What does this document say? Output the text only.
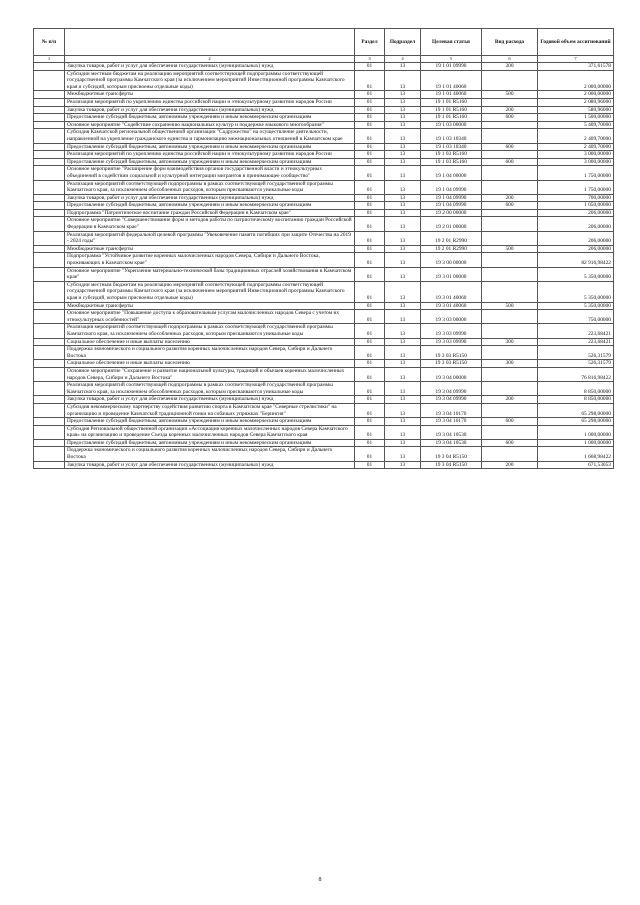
№ п/п		Раздел	Подраздел	Целевая статья	Вид расхода	Годовой объем ассигнований
1	2	3	4	5	6	7
	Закупка товаров, работ и услуг для обеспечения государственных (муниципальных) нужд	01	13	19 1 01 09990	200	371,61578
	Субсидии местным бюджетам на реализацию мероприятий соответствующей подпрограммы соответствующей государственной программы Камчатского края (за исключением мероприятий Инвестиционной программы Камчатского края и субсидий, которым присвоены отдельные коды)	01	13	19 1 01 40060		2 000,00000
	Межбюджетные трансферты	01	13	19 1 01 40060	500	2 000,00000
	Реализация мероприятий по укреплению единства российской нации и этнокультурному развитию народов России	01	13	19 1 01 R5160		2 080,96000
	Закупка товаров, работ и услуг для обеспечения государственных (муниципальных) нужд	01	13	19 1 01 R5160	200	580,96000
	Предоставление субсидий бюджетным, автономным учреждениям и иным некоммерческим организациям	01	13	19 1 01 R5160	600	1 500,00000
	Основное мероприятие "Содействие сохранению национальных культур и поддержке языкового многообразия"	01	13	19 1 03 00000		5 409,70000
	Субсидия Камчатской региональной общественной организации "Содружество" на осуществление деятельности, направленной на укрепление гражданского единства и гармонизацию межнациональных отношений в Камчатском крае	01	13	19 1 03 10340		2 409,70000
	Предоставление субсидий бюджетным, автономным учреждениям и иным некоммерческим организациям	01	13	19 1 03 10340	600	2 409,70000
	Реализация мероприятий по укреплению единства российской нации и этнокультурному развитию народов России	01	13	19 1 03 R5160		3 000,00000
	Предоставление субсидий бюджетным, автономным учреждениям и иным некоммерческим организациям	01	13	19 1 03 R5160	600	3 000,00000
	Основное мероприятие "Расширение форм взаимодействия органов государственной власти и этнокультурных объединений в содействии социальной и культурной интеграции мигрантов в принимающее сообщество"	01	13	19 1 04 00000		1 750,00000
	Реализация мероприятий соответствующей подпрограммы в рамках соответствующей государственной программы Камчатского края, за исключением обособленных расходов, которым присваиваются уникальные коды	01	13	19 1 04 09990		1 750,00000
	Закупка товаров, работ и услуг для обеспечения государственных (муниципальных) нужд	01	13	19 1 04 09990	200	700,00000
	Предоставление субсидий бюджетным, автономным учреждениям и иным некоммерческим организациям	01	13	19 1 04 09990	600	1 050,00000
	Подпрограмма "Патриотическое воспитание граждан Российской Федерации в Камчатском крае"	01	13	19 2 00 00000		206,00000
	Основное мероприятие "Совершенствование форм и методов работы по патриотическому воспитанию граждан Российской Федерации в Камчатском крае"	01	13	19 2 01 00000		206,00000
	Реализация мероприятий федеральной целевой программы "Увековечение памяти погибших при защите Отечества на 2019 - 2024 годы"	01	13	19 2 01 R2990		206,00000
	Межбюджетные трансферты	01	13	19 2 01 R2990	500	206,00000
	Подпрограмма "Устойчивое развитие коренных малочисленных народов Севера, Сибири и Дальнего Востока, проживающих в Камчатском крае"	01	13	19 3 00 00000		82 916,98422
	Основное мероприятие "Укрепление материально-технической базы традиционных отраслей хозяйствования в Камчатском крае"	01	13	19 3 01 00000		5 350,00000
	Субсидии местным бюджетам на реализацию мероприятий соответствующей подпрограммы соответствующей государственной программы Камчатского края (за исключением мероприятий Инвестиционной программы Камчатского края и субсидий, которым присвоены отдельные коды)	01	13	19 3 01 40060		5 350,00000
	Межбюджетные трансферты	01	13	19 3 01 40060	500	5 350,00000
	Основное мероприятие "Повышение доступа к образовательным услугам малочисленных народов Севера с учетом их этнокультурных особенностей"	01	13	19 3 03 00000		750,00000
	Реализация мероприятий соответствующей подпрограммы в рамках соответствующей государственной программы Камчатского края, за исключением обособленных расходов, которым присваиваются уникальные коды	01	13	19 3 03 09990		223,68421
	Социальное обеспечение и иные выплаты населению	01	13	19 3 03 09990	300	223,68421
	Поддержка экономического и социального развития коренных малочисленных народов Севера, Сибири и Дальнего Востока	01	13	19 3 03 R5150		526,31579
	Социальное обеспечение и иные выплаты населению	01	13	19 3 03 R5150	300	526,31579
	Основное мероприятие "Сохранение и развитие национальной культуры, традиций и обычаев коренных малочисленных народов Севера, Сибири и Дальнего Востока"	01	13	19 3 04 00000		76 816,98422
	Реализация мероприятий соответствующей подпрограммы в рамках соответствующей государственной программы Камчатского края, за исключением обособленных расходов, которым присваиваются уникальные коды	01	13	19 3 04 09990		8 850,00000
	Закупка товаров, работ и услуг для обеспечения государственных (муниципальных) нужд	01	13	19 3 04 09990	200	8 850,00000
	Субсидия некоммерческому партнерству содействия развитию спорта в Камчатском крае "Северные стрелистики" на организацию и проведение Камчатской традиционной гонки на собачьих упряжках "Берингия"	01	13	19 3 04 10170		65 298,00000
	Предоставление субсидий бюджетным, автономным учреждениям и иным некоммерческим организациям	01	13	19 3 04 10170	600	65 298,00000
	Субсидия Региональной общественной организации «Ассоциация коренных малочисленных народов Севера Камчатского края» на организацию и проведение Съезда коренных малочисленных народов Севера Камчатского края	01	13	19 3 04 10530		1 000,00000
	Предоставление субсидий бюджетным, автономным учреждениям и иным некоммерческим организациям	01	13	19 3 04 10530	600	1 000,00000
	Поддержка экономического и социального развития коренных малочисленных народов Севера, Сибири и Дальнего Востока	01	13	19 3 04 R5150		1 668,98422
	Закупка товаров, работ и услуг для обеспечения государственных (муниципальных) нужд	01	13	19 3 04 R5150	200	671,53053
8
